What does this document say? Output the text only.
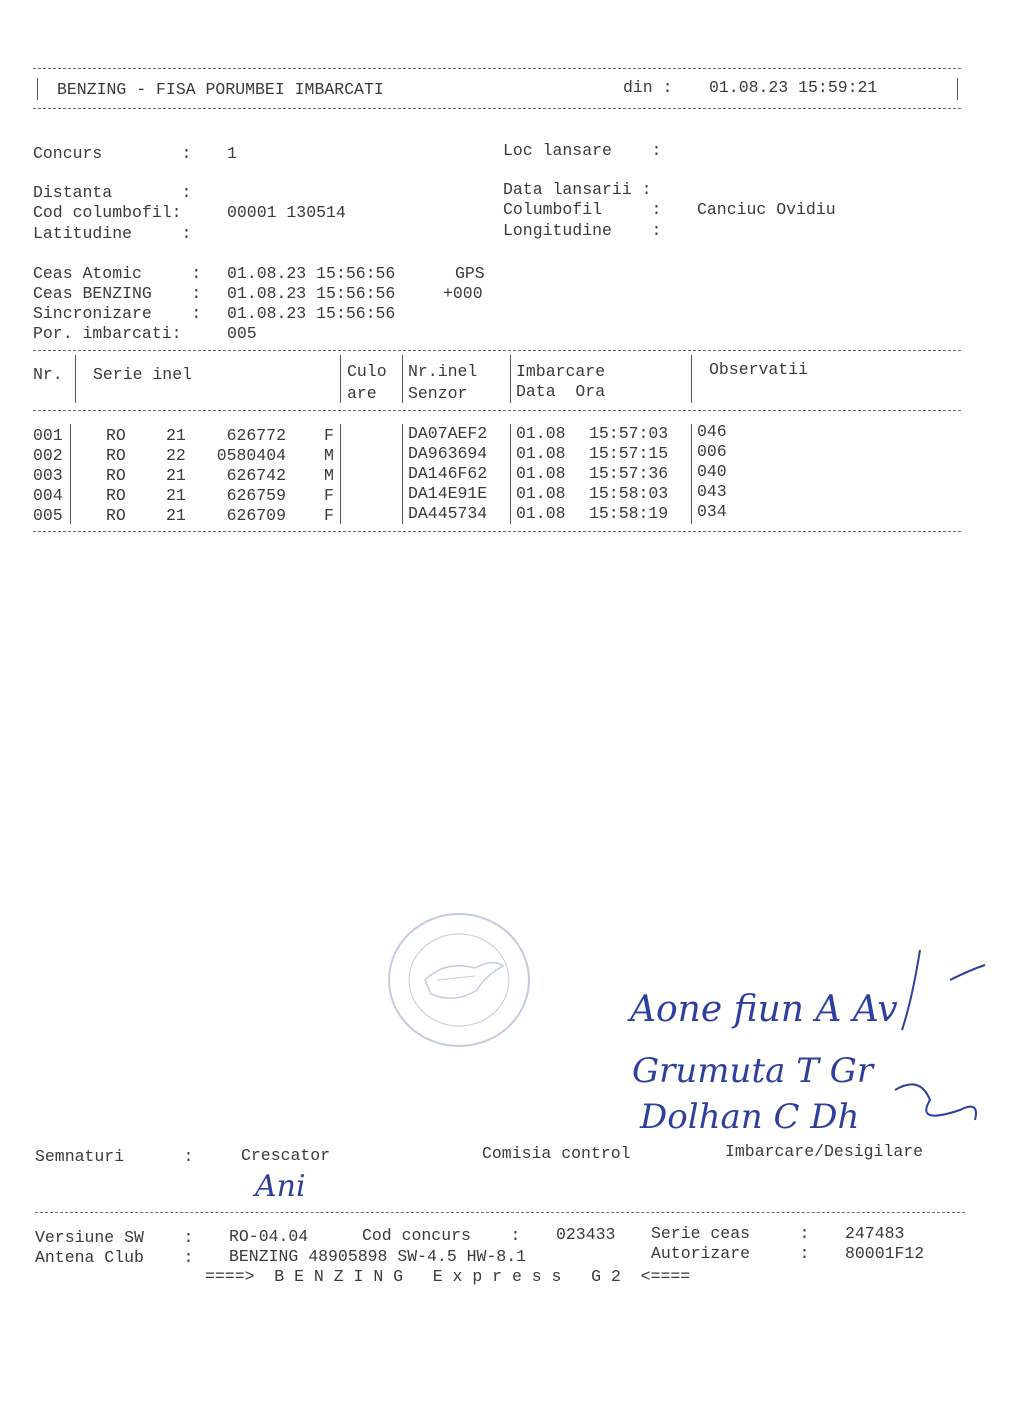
BENZING - FISA PORUMBEI IMBARCATI	din : 01.08.23 15:59:21
Concurs        : 1
Distanta       :
Cod columbofil:	00001 130514
Latitudine     :
Loc lansare    :
Data lansarii :
Columbofil     : Canciuc Ovidiu
Longitudine    :
Ceas Atomic     : 01.08.23 15:56:56	GPS
Ceas BENZING    : 01.08.23 15:56:56	+000
Sincronizare    : 01.08.23 15:56:56
Por. imbarcati:	005
Nr. Serie inel	Culo
are
Nr.inel
Senzor
Imbarcare
Data  Ora
Observatii
001	RO 21 626772 F	DA07AEF2 01.08 15:57:03 046
002	RO 22 0580404 M	DA963694 01.08 15:57:15 006
003	RO 21 626742 M	DA146F62 01.08 15:57:36 040
004	RO 21 626759 F	DA14E91E 01.08 15:58:03 043
005	RO 21 626709 F	DA445734 01.08 15:58:19 034
Aone fiun A Av
Grumuta T Gr
Dolhan C Dh
Ani
Semnaturi      :	Crescator	Comisia control	Imbarcare/Desigilare
Versiune SW    : RO-04.04	Cod concurs    : 023433 Serie ceas     : 247483
Antena Club    : BENZING 48905898 SW-4.5 HW-8.1	Autorizare     : 80001F12
====>  B E N Z I N G   E x p r e s s   G 2  <====
